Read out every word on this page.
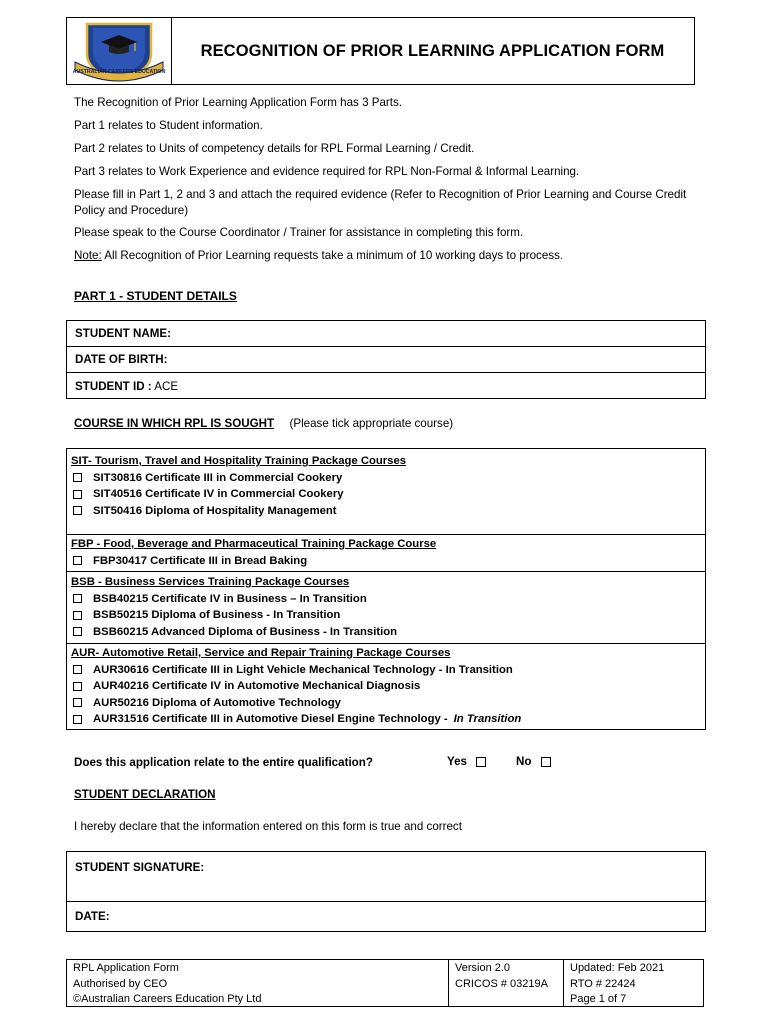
AUSTRALIAN CAREERS EDUCATION
RECOGNITION OF PRIOR LEARNING APPLICATION FORM

The Recognition of Prior Learning Application Form has 3 Parts.

Part 1 relates to Student information.

Part 2 relates to Units of competency details for RPL Formal Learning / Credit.

Part 3 relates to Work Experience and evidence required for RPL Non-Formal & Informal Learning.

Please fill in Part 1, 2 and 3 and attach the required evidence (Refer to Recognition of Prior Learning and Course Credit Policy and Procedure)

Please speak to the Course Coordinator / Trainer for assistance in completing this form.

Note: All Recognition of Prior Learning requests take a minimum of 10 working days to process.

PART 1 - STUDENT DETAILS
STUDENT NAME:
DATE OF BIRTH:
STUDENT ID : ACE
COURSE IN WHICH RPL IS SOUGHT (Please tick appropriate course)
SIT- Tourism, Travel and Hospitality Training Package Courses
SIT30816 Certificate III in Commercial Cookery
SIT40516 Certificate IV in Commercial Cookery
SIT50416 Diploma of Hospitality Management
FBP - Food, Beverage and Pharmaceutical Training Package Course
FBP30417 Certificate III in Bread Baking
BSB - Business Services Training Package Courses
BSB40215 Certificate IV in Business – In Transition
BSB50215 Diploma of Business - In Transition
BSB60215 Advanced Diploma of Business - In Transition
AUR- Automotive Retail, Service and Repair Training Package Courses
AUR30616 Certificate III in Light Vehicle Mechanical Technology - In Transition
AUR40216 Certificate IV in Automotive Mechanical Diagnosis
AUR50216 Diploma of Automotive Technology
AUR31516 Certificate III in Automotive Diesel Engine Technology - In Transition
Does this application relate to the entire qualification?	Yes	No
STUDENT DECLARATION
I hereby declare that the information entered on this form is true and correct
STUDENT SIGNATURE:
DATE:
RPL Application Form
Authorised by CEO
©Australian Careers Education Pty Ltd
Version 2.0
CRICOS # 03219A
Updated: Feb 2021
RTO # 22424
Page 1 of 7
